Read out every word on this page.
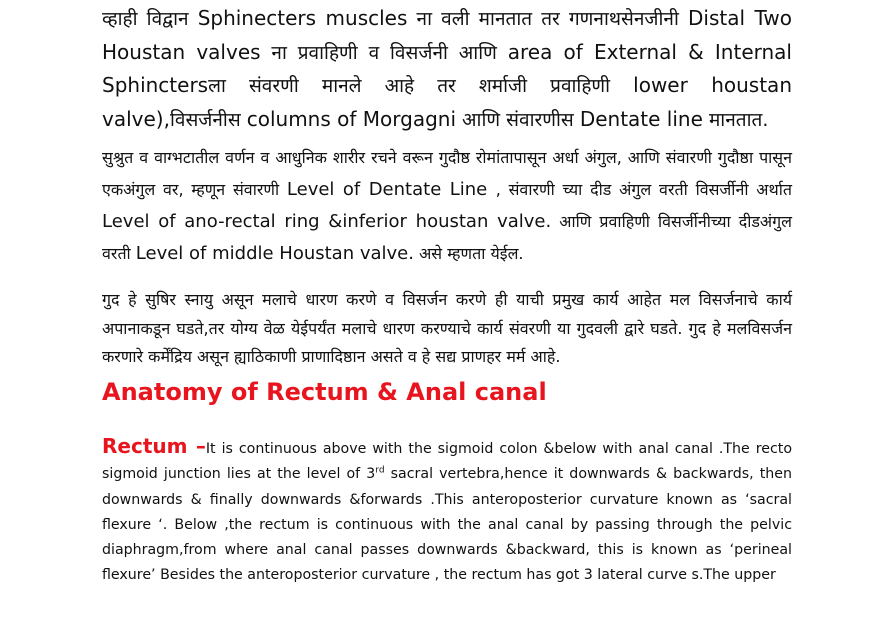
व्हाही विद्वान Sphinecters muscles ना वली मानतात तर गणनाथसेनजीनी Distal Two Houstan valves ना प्रवाहिणी व विसर्जनी आणि area of External & Internal Sphinctersला संवरणी मानले आहे तर शर्माजी प्रवाहिणी lower houstan valve),विसर्जनीस columns of Morgagni आणि संवारणीस Dentate line मानतात.

सुश्रुत व वाग्भटातील वर्णन व आधुनिक शारीर रचने वरून गुदौष्ठ रोमांतापासून अर्धा अंगुल, आणि संवारणी गुदौष्ठा पासून एकअंगुल वर, म्हणून संवारणी Level of Dentate Line , संवारणी च्या दीड अंगुल वरती विसर्जीनी अर्थात Level of ano-rectal ring &inferior houstan valve. आणि प्रवाहिणी विसर्जीनीच्या दीडअंगुल वरती Level of middle Houstan valve. असे म्हणता येईल.

गुद हे सुषिर स्नायु असून मलाचे धारण करणे व विसर्जन करणे ही याची प्रमुख कार्य आहेत मल विसर्जनाचे कार्य अपानाकडून घडते,तर योग्य वेळ येईपर्यंत मलाचे धारण करण्याचे कार्य संवरणी या गुदवली द्वारे घडते. गुद हे मलविसर्जन करणारे कर्मेंद्रिय असून ह्याठिकाणी प्राणादिष्ठान असते व हे सद्य प्राणहर मर्म आहे.

Anatomy of Rectum & Anal canal

Rectum –It is continuous above with the sigmoid colon &below with anal canal .The recto sigmoid junction lies at the level of 3rd sacral vertebra,hence it downwards & backwards, then downwards & finally downwards &forwards .This anteroposterior curvature known as ‘sacral flexure ‘. Below ,the rectum is continuous with the anal canal by passing through the pelvic diaphragm,from where anal canal passes downwards &backward, this is known as ‘perineal flexure’ Besides the anteroposterior curvature , the rectum has got 3 lateral curve s.The upper
